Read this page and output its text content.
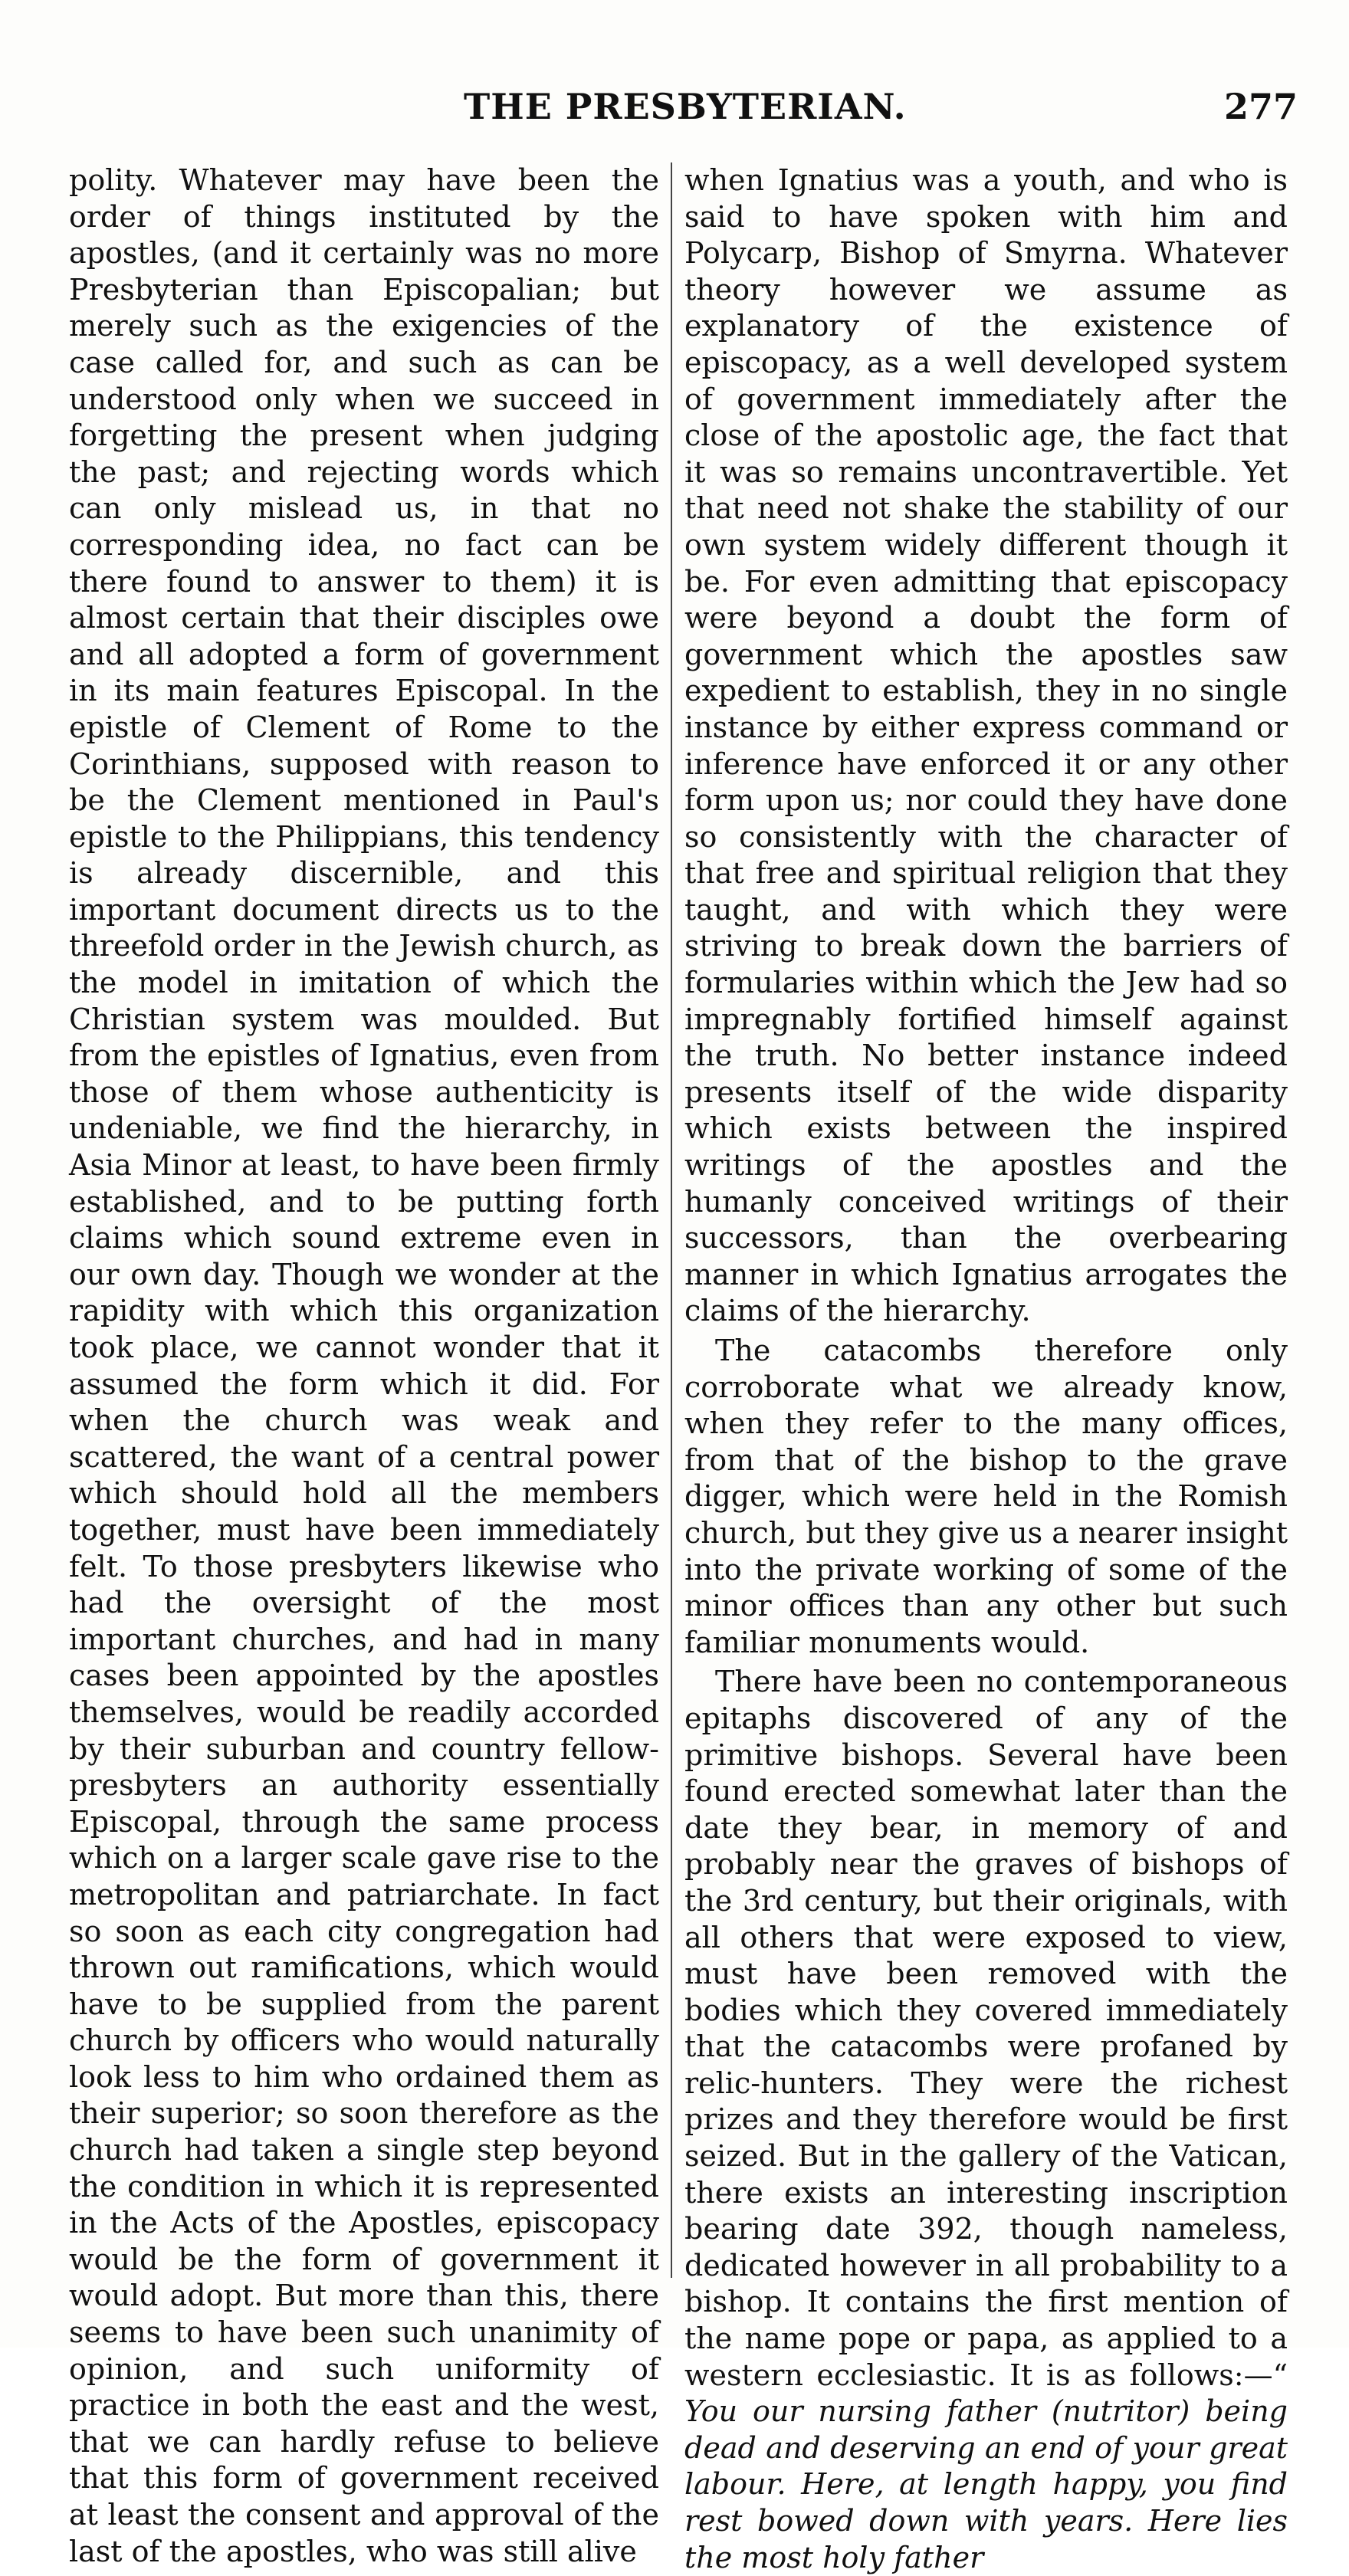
THE PRESBYTERIAN.	277

polity. Whatever may have been the order of things instituted by the apostles, (and it certainly was no more Presbyterian than Episcopalian; but merely such as the exigencies of the case called for, and such as can be understood only when we succeed in forgetting the present when judging the past; and rejecting words which can only mislead us, in that no corresponding idea, no fact can be there found to answer to them) it is almost certain that their disciples owe and all adopted a form of government in its main features Episcopal. In the epistle of Clement of Rome to the Corinthians, supposed with reason to be the Clement mentioned in Paul's epistle to the Philippians, this tendency is already discernible, and this important document directs us to the threefold order in the Jewish church, as the model in imitation of which the Christian system was moulded. But from the epistles of Ignatius, even from those of them whose authenticity is undeniable, we find the hierarchy, in Asia Minor at least, to have been firmly established, and to be putting forth claims which sound extreme even in our own day. Though we wonder at the rapidity with which this organization took place, we cannot wonder that it assumed the form which it did. For when the church was weak and scattered, the want of a central power which should hold all the members together, must have been immediately felt. To those presbyters likewise who had the oversight of the most important churches, and had in many cases been appointed by the apostles themselves, would be readily accorded by their suburban and country fellow-presbyters an authority essentially Episcopal, through the same process which on a larger scale gave rise to the metropolitan and patriarchate. In fact so soon as each city congregation had thrown out ramifications, which would have to be supplied from the parent church by officers who would naturally look less to him who ordained them as their superior; so soon therefore as the church had taken a single step beyond the condition in which it is represented in the Acts of the Apostles, episcopacy would be the form of government it would adopt. But more than this, there seems to have been such unanimity of opinion, and such uniformity of practice in both the east and the west, that we can hardly refuse to believe that this form of government received at least the consent and approval of the last of the apostles, who was still alive

when Ignatius was a youth, and who is said to have spoken with him and Polycarp, Bishop of Smyrna. Whatever theory however we assume as explanatory of the existence of episcopacy, as a well developed system of government immediately after the close of the apostolic age, the fact that it was so remains uncontravertible. Yet that need not shake the stability of our own system widely different though it be. For even admitting that episcopacy were beyond a doubt the form of government which the apostles saw expedient to establish, they in no single instance by either express command or inference have enforced it or any other form upon us; nor could they have done so consistently with the character of that free and spiritual religion that they taught, and with which they were striving to break down the barriers of formularies within which the Jew had so impregnably fortified himself against the truth. No better instance indeed presents itself of the wide disparity which exists between the inspired writings of the apostles and the humanly conceived writings of their successors, than the overbearing manner in which Ignatius arrogates the claims of the hierarchy.

The catacombs therefore only corroborate what we already know, when they refer to the many offices, from that of the bishop to the grave digger, which were held in the Romish church, but they give us a nearer insight into the private working of some of the minor offices than any other but such familiar monuments would.

There have been no contemporaneous epitaphs discovered of any of the primitive bishops. Several have been found erected somewhat later than the date they bear, in memory of and probably near the graves of bishops of the 3rd century, but their originals, with all others that were exposed to view, must have been removed with the bodies which they covered immediately that the catacombs were profaned by relic-hunters. They were the richest prizes and they therefore would be first seized. But in the gallery of the Vatican, there exists an interesting inscription bearing date 392, though nameless, dedicated however in all probability to a bishop. It contains the first mention of the name pope or papa, as applied to a western ecclesiastic. It is as follows:—“ You our nursing father (nutritor) being dead and deserving an end of your great labour. Here, at length happy, you find rest bowed down with years. Here lies the most holy father
